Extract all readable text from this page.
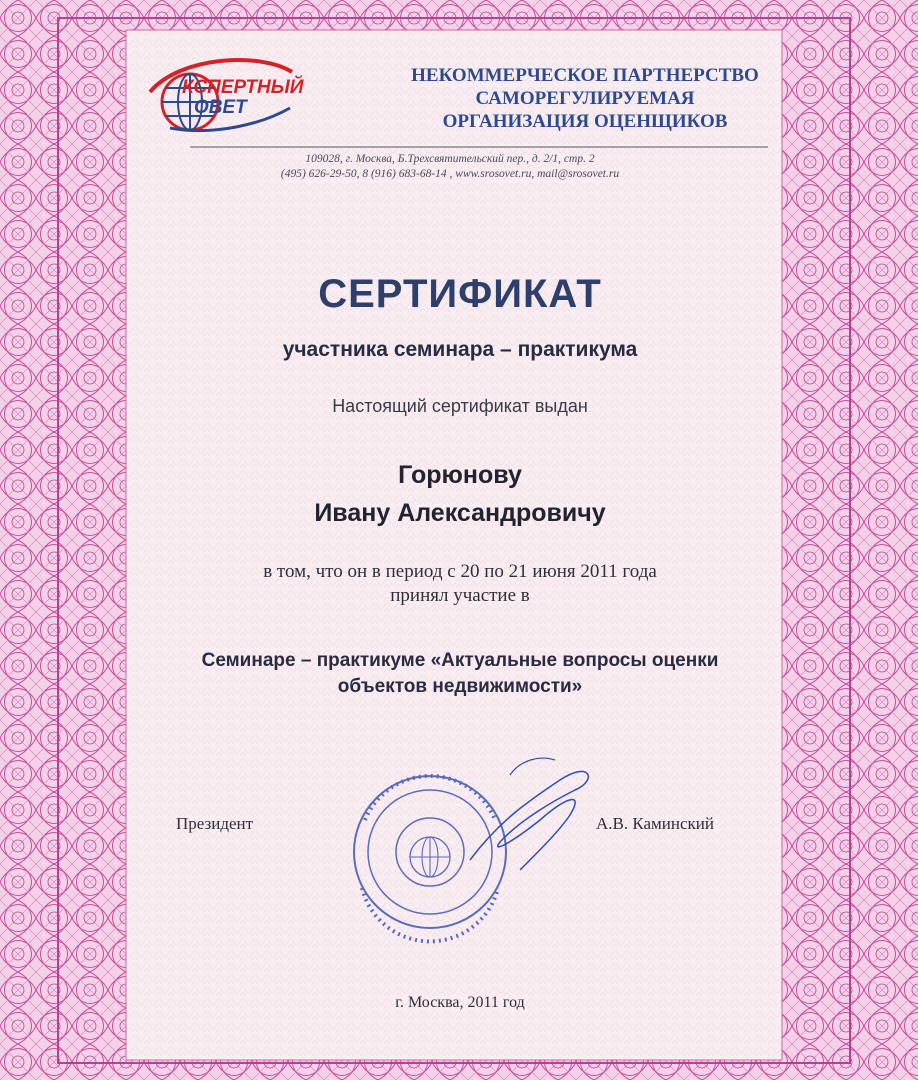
КСПЕРТНЫЙ
ОВЕТ
НЕКОММЕРЧЕСКОЕ ПАРТНЕРСТВО
САМОРЕГУЛИРУЕМАЯ
ОРГАНИЗАЦИЯ ОЦЕНЩИКОВ
109028, г. Москва, Б.Трехсвятительский пер., д. 2/1, стр. 2
(495) 626-29-50, 8 (916) 683-68-14 , www.srosovet.ru, mail@srosovet.ru
СЕРТИФИКАТ
участника семинара – практикума
Настоящий сертификат выдан
Горюнову
Ивану Александровичу
в том, что он в период с 20 по 21 июня 2011 года
принял участие в
Семинаре – практикуме «Актуальные вопросы оценки
объектов недвижимости»
Президент	А.В. Каминский
г. Москва, 2011 год
